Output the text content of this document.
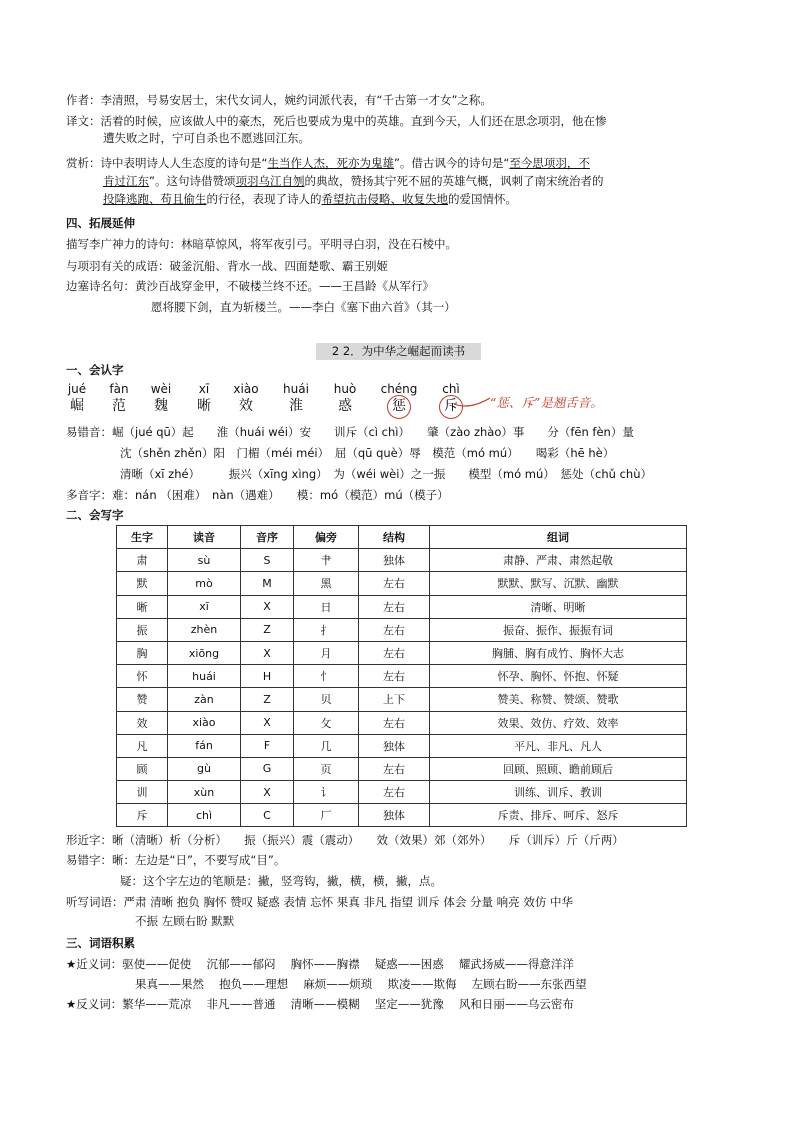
作者：李清照，号易安居士，宋代女词人，婉约词派代表，有“千古第一才女”之称。
译文：活着的时候，应该做人中的豪杰，死后也要成为鬼中的英雄。直到今天，人们还在思念项羽，他在惨
遭失败之时，宁可自杀也不愿逃回江东。
赏析：诗中表明诗人人生态度的诗句是“生当作人杰，死亦为鬼雄”。借古讽今的诗句是“至今思项羽，不
肯过江东”。这句诗借赞颂项羽乌江自刎的典故，赞扬其宁死不屈的英雄气概，讽刺了南宋统治者的
投降逃跑、苟且偷生的行径，表现了诗人的希望抗击侵略、收复失地的爱国情怀。
四、拓展延伸
描写李广神力的诗句：林暗草惊风，将军夜引弓。平明寻白羽，没在石棱中。
与项羽有关的成语：破釜沉船、背水一战、四面楚歌、霸王别姬
边塞诗名句：黄沙百战穿金甲，不破楼兰终不还。——王昌龄《从军行》
愿将腰下剑，直为斩楼兰。——李白《塞下曲六首》（其一）
2 2．为中华之崛起而读书
一、会认字
jué
崛
fàn
范
wèi
魏
xī
晰
xiào
效
huái
淮
huò
惑
chéng
惩
chì
斥	“惩、斥”是翘舌音。
易错音：崛（jué qū）起　　淮（huái wéi）安　　训斥（cì chì）　　肇（zào zhào）事　　分（fēn fèn）量
沈（shěn zhěn）阳　门楣（méi méi）　屈（qū què）辱　模范（mó mú）　　喝彩（hē hè）
清晰（xī zhé）　　　振兴（xīng xìng）　为（wéi wèi）之一振　　模型（mó mú）　惩处（chǔ chù）
多音字：难：nán （困难）　nàn（遇难）　　模：mó（模范）mú（模子）
二、会写字
生字	读音	音序	偏旁	结构	组词
肃	sù	S	⺺	独体	肃静、严肃、肃然起敬
默	mò	M	黑	左右	默默、默写、沉默、幽默
晰	xī	X	日	左右	清晰、明晰
振	zhèn	Z	扌	左右	振奋、振作、振振有词
胸	xiōng	X	月	左右	胸脯、胸有成竹、胸怀大志
怀	huái	H	忄	左右	怀孕、胸怀、怀抱、怀疑
赞	zàn	Z	贝	上下	赞美、称赞、赞颂、赞歌
效	xiào	X	攵	左右	效果、效仿、疗效、效率
凡	fán	F	几	独体	平凡、非凡、凡人
顾	gù	G	页	左右	回顾、照顾、瞻前顾后
训	xùn	X	讠	左右	训练、训斥、教训
斥	chì	C	厂	独体	斥责、排斥、呵斥、怒斥
形近字：晰（清晰）析（分析）　　振（振兴）震（震动）　　效（效果）郊（郊外）　　斥（训斥）斤（斤两）
易错字：晰：左边是“日”，不要写成“目”。
疑：这个字左边的笔顺是：撇，竖弯钩，撇，横，横，撇，点。
听写词语：严肃 清晰 抱负 胸怀 赞叹 疑惑 表情 忘怀 果真 非凡 指望 训斥 体会 分量 响亮 效仿 中华
不振 左顾右盼 默默
三、词语积累
★近义词：驱使——促使　 沉郁——郁闷　 胸怀——胸襟　 疑惑——困惑　 耀武扬威——得意洋洋
果真——果然　 抱负——理想　 麻烦——烦琐　 欺凌——欺侮　 左顾右盼——东张西望
★反义词：繁华——荒凉　 非凡——普通　 清晰——模糊　 坚定——犹豫　 风和日丽——乌云密布
